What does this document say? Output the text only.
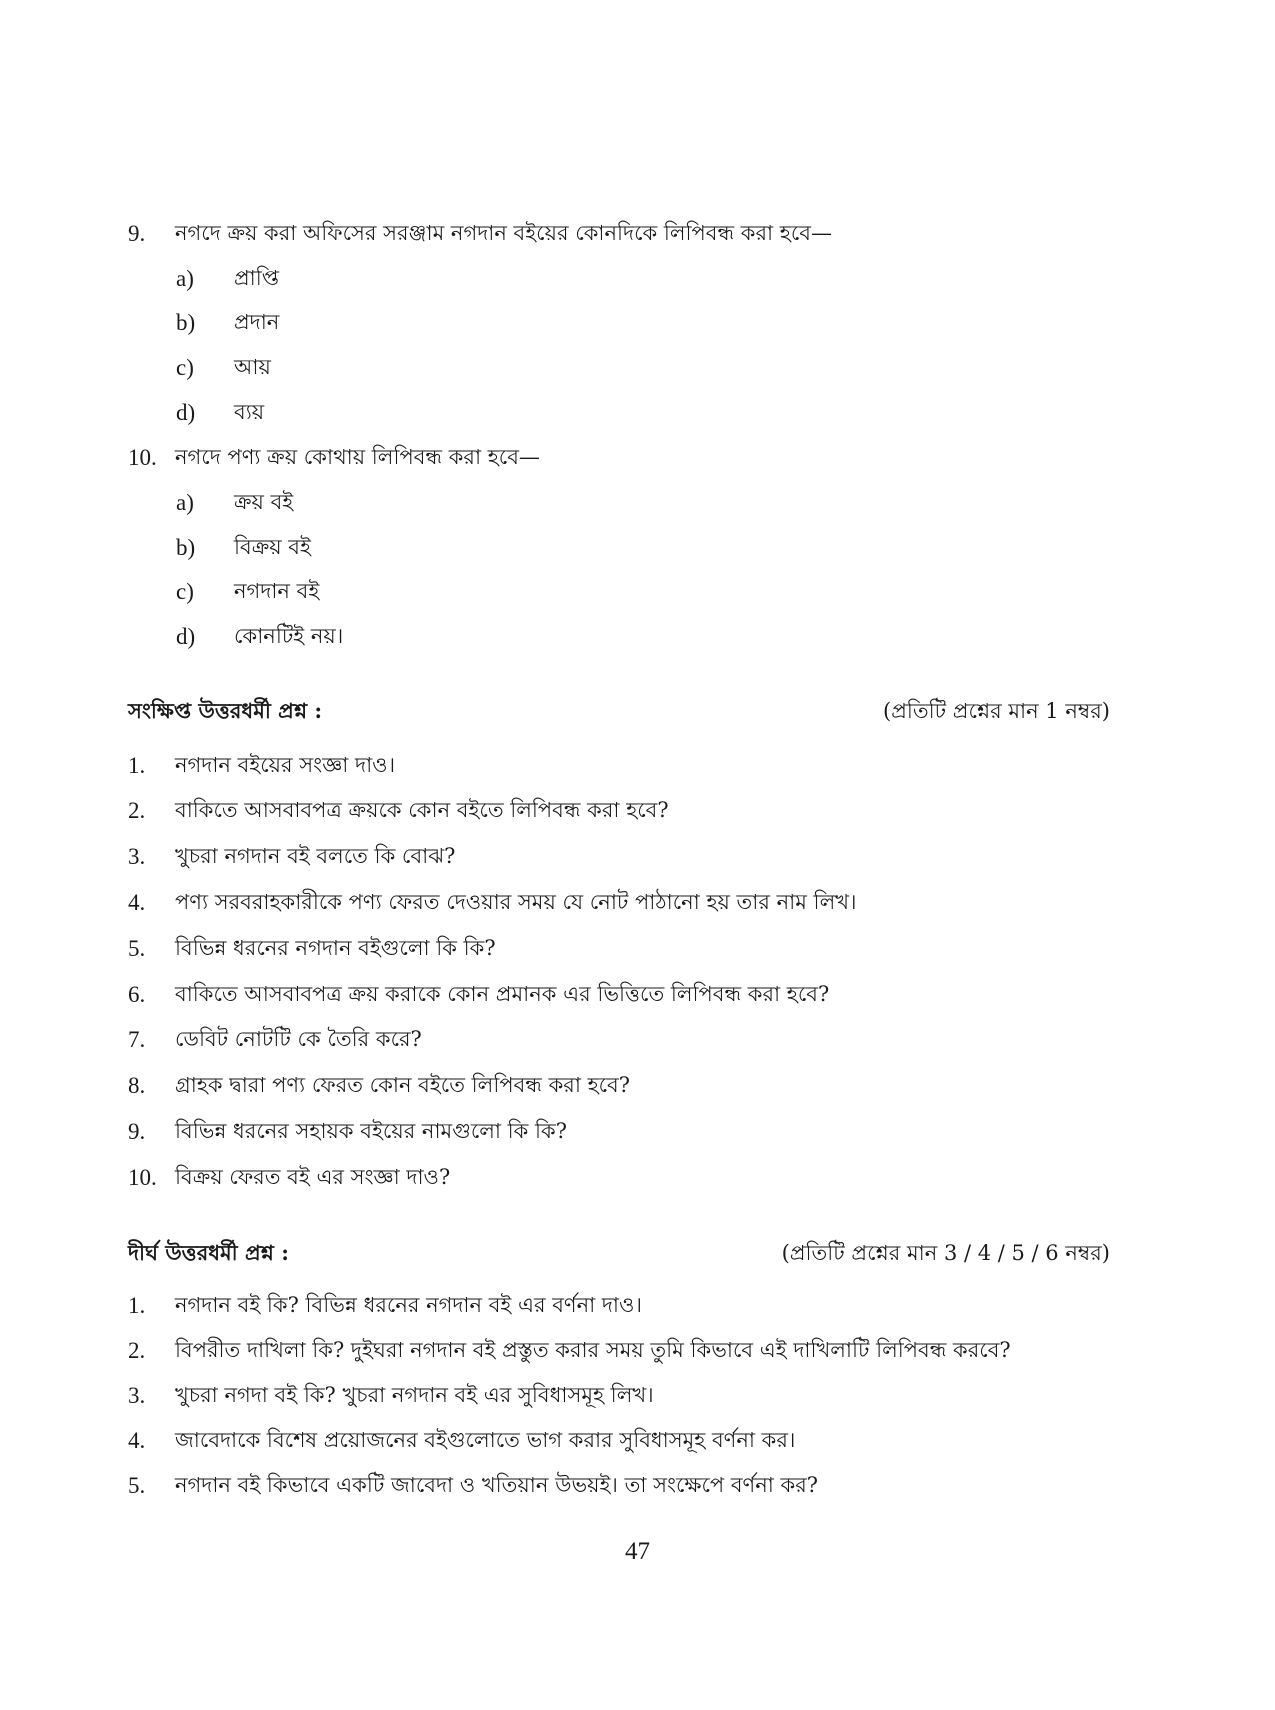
9.	নগদে ক্রয় করা অফিসের সরঞ্জাম নগদান বইয়ের কোনদিকে লিপিবন্ধ করা হবে—
a)	প্রাপ্তি
b)	প্রদান
c)	আয়
d)	ব্যয়
10. নগদে পণ্য ক্রয় কোথায় লিপিবন্ধ করা হবে—
a)	ক্রয় বই
b)	বিক্রয় বই
c)	নগদান বই
d)	কোনটিই নয়।
সংক্ষিপ্ত উত্তরধর্মী প্রশ্ন :	(প্রতিটি প্রশ্নের মান 1 নম্বর)
1.	নগদান বইয়ের সংজ্ঞা দাও।
2.	বাকিতে আসবাবপত্র ক্রয়কে কোন বইতে লিপিবন্ধ করা হবে?
3.	খুচরা নগদান বই বলতে কি বোঝ?
4.	পণ্য সরবরাহকারীকে পণ্য ফেরত দেওয়ার সময় যে নোট পাঠানো হয় তার নাম লিখ।
5.	বিভিন্ন ধরনের নগদান বইগুলো কি কি?
6.	বাকিতে আসবাবপত্র ক্রয় করাকে কোন প্রমানক এর ভিত্তিতে লিপিবন্ধ করা হবে?
7.	ডেবিট নোটটি কে তৈরি করে?
8.	গ্রাহক দ্বারা পণ্য ফেরত কোন বইতে লিপিবন্ধ করা হবে?
9.	বিভিন্ন ধরনের সহায়ক বইয়ের নামগুলো কি কি?
10. বিক্রয় ফেরত বই এর সংজ্ঞা দাও?
দীর্ঘ উত্তরধর্মী প্রশ্ন :	(প্রতিটি প্রশ্নের মান 3 / 4 / 5 / 6 নম্বর)
1.	নগদান বই কি? বিভিন্ন ধরনের নগদান বই এর বর্ণনা দাও।
2.	বিপরীত দাখিলা কি? দুইঘরা নগদান বই প্রস্তুত করার সময় তুমি কিভাবে এই দাখিলাটি লিপিবন্ধ করবে?
3.	খুচরা নগদা বই কি? খুচরা নগদান বই এর সুবিধাসমূহ লিখ।
4.	জাবেদাকে বিশেষ প্রয়োজনের বইগুলোতে ভাগ করার সুবিধাসমূহ বর্ণনা কর।
5.	নগদান বই কিভাবে একটি জাবেদা ও খতিয়ান উভয়ই। তা সংক্ষেপে বর্ণনা কর?
47
